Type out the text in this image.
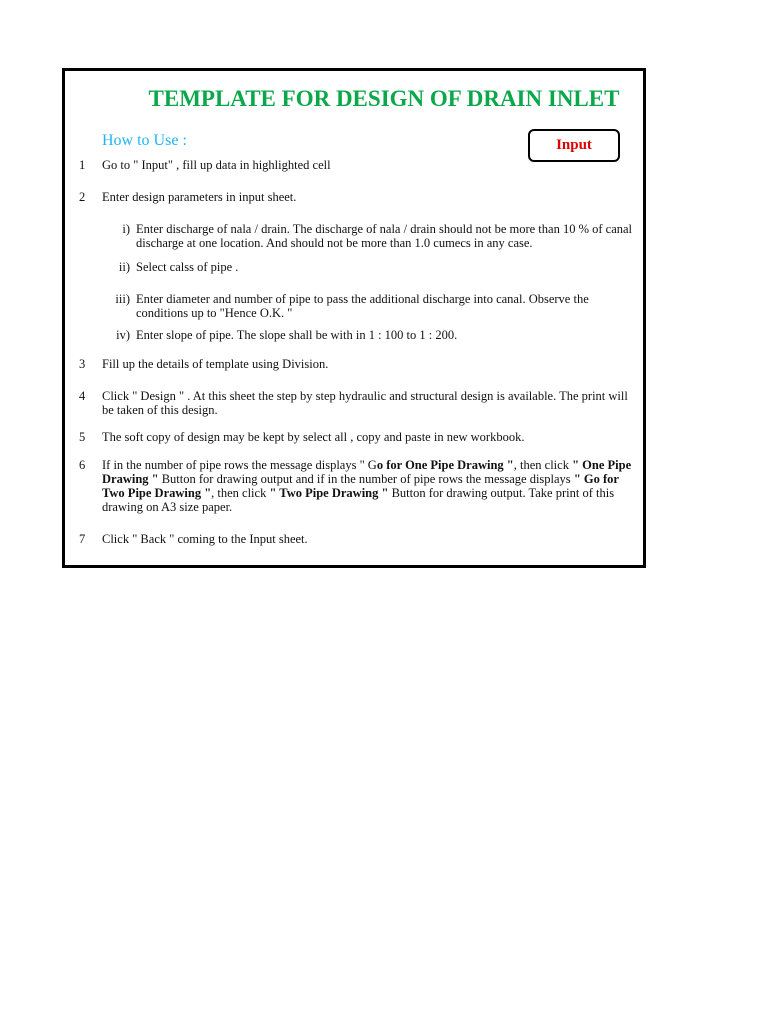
TEMPLATE FOR DESIGN OF DRAIN INLET
How to Use :	Input
1 Go to " Input" , fill up data in highlighted cell
2 Enter design parameters in input sheet.
i) Enter discharge of nala / drain. The discharge of nala / drain should not be more than 10 % of canal discharge at one location. And should not be more than 1.0 cumecs in any case.
ii) Select calss of pipe .
iii) Enter diameter and number of pipe to pass the additional discharge into canal. Observe the conditions up to "Hence O.K. "
iv) Enter slope of pipe. The slope shall be with in 1 : 100 to 1 : 200.
3 Fill up the details of template using Division.
4 Click " Design " . At this sheet the step by step hydraulic and structural design is available. The print will be taken of this design.
5 The soft copy of design may be kept by select all , copy and paste in new workbook.
6 If in the number of pipe rows the message displays " Go for One Pipe Drawing ", then click " One Pipe Drawing " Button for drawing output and if in the number of pipe rows the message displays " Go for Two Pipe Drawing ", then click " Two Pipe Drawing " Button for drawing output. Take print of this drawing on A3 size paper.
7 Click " Back " coming to the Input sheet.
